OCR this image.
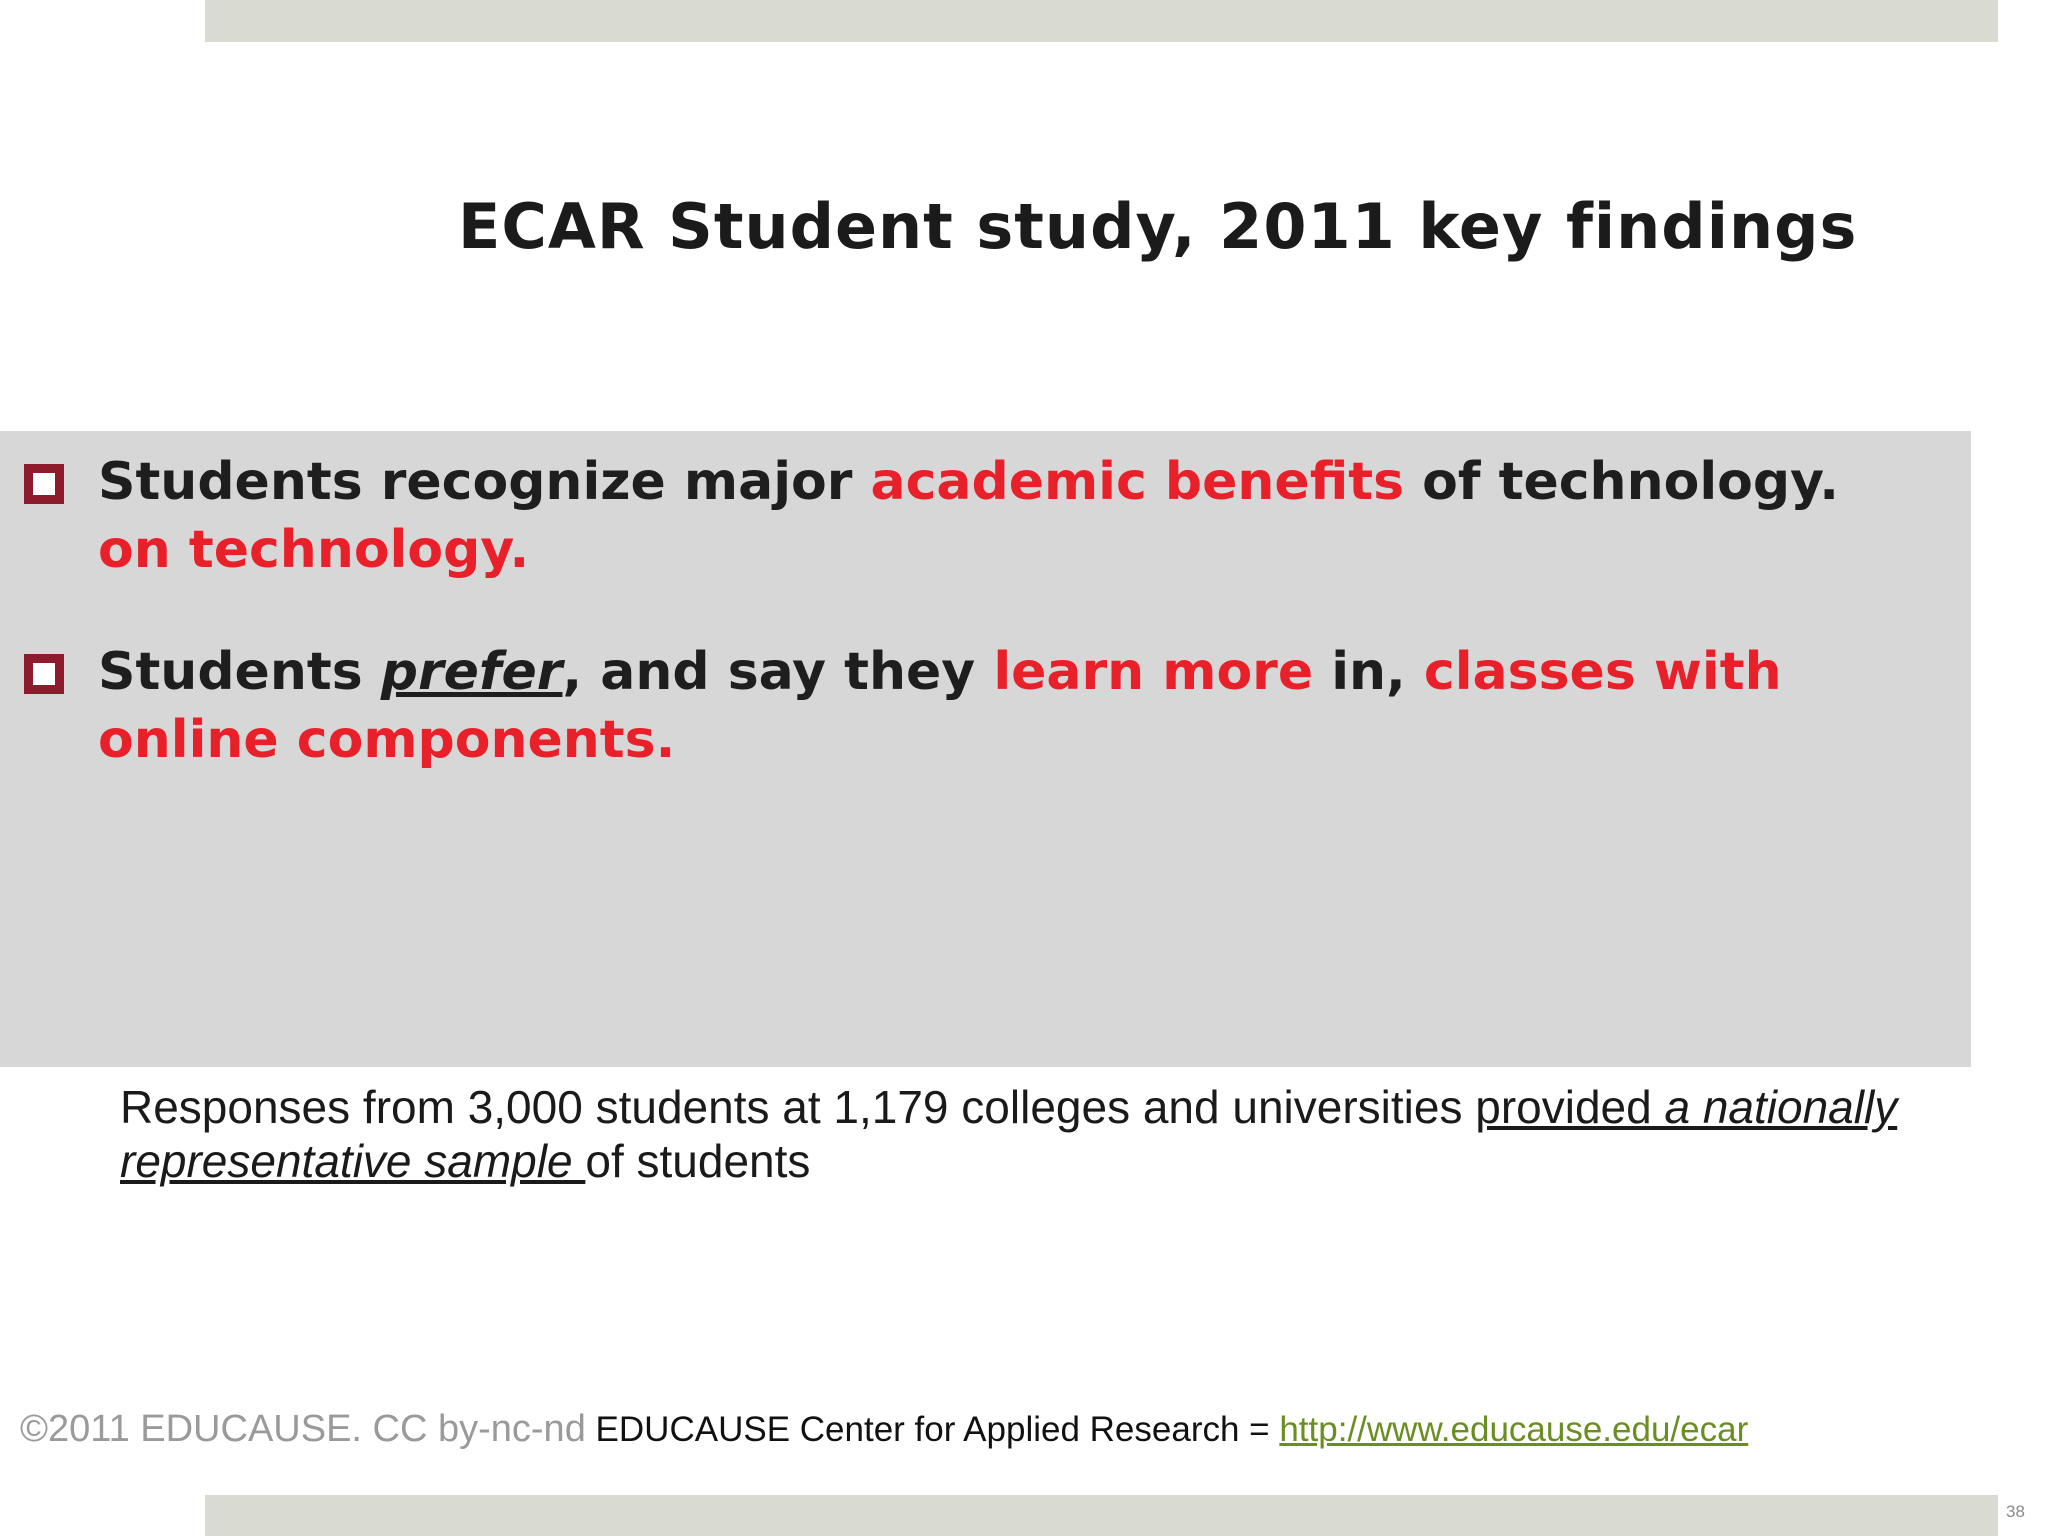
ECAR Student study, 2011 key findings
Students recognize major academic benefits of technology. on technology.
Students prefer, and say they learn more in, classes with online components.
Responses from 3,000 students at 1,179 colleges and universities provided a nationally representative sample of students
©2011 EDUCAUSE. CC by-nc-nd EDUCAUSE Center for Applied Research = http://www.educause.edu/ecar
38
